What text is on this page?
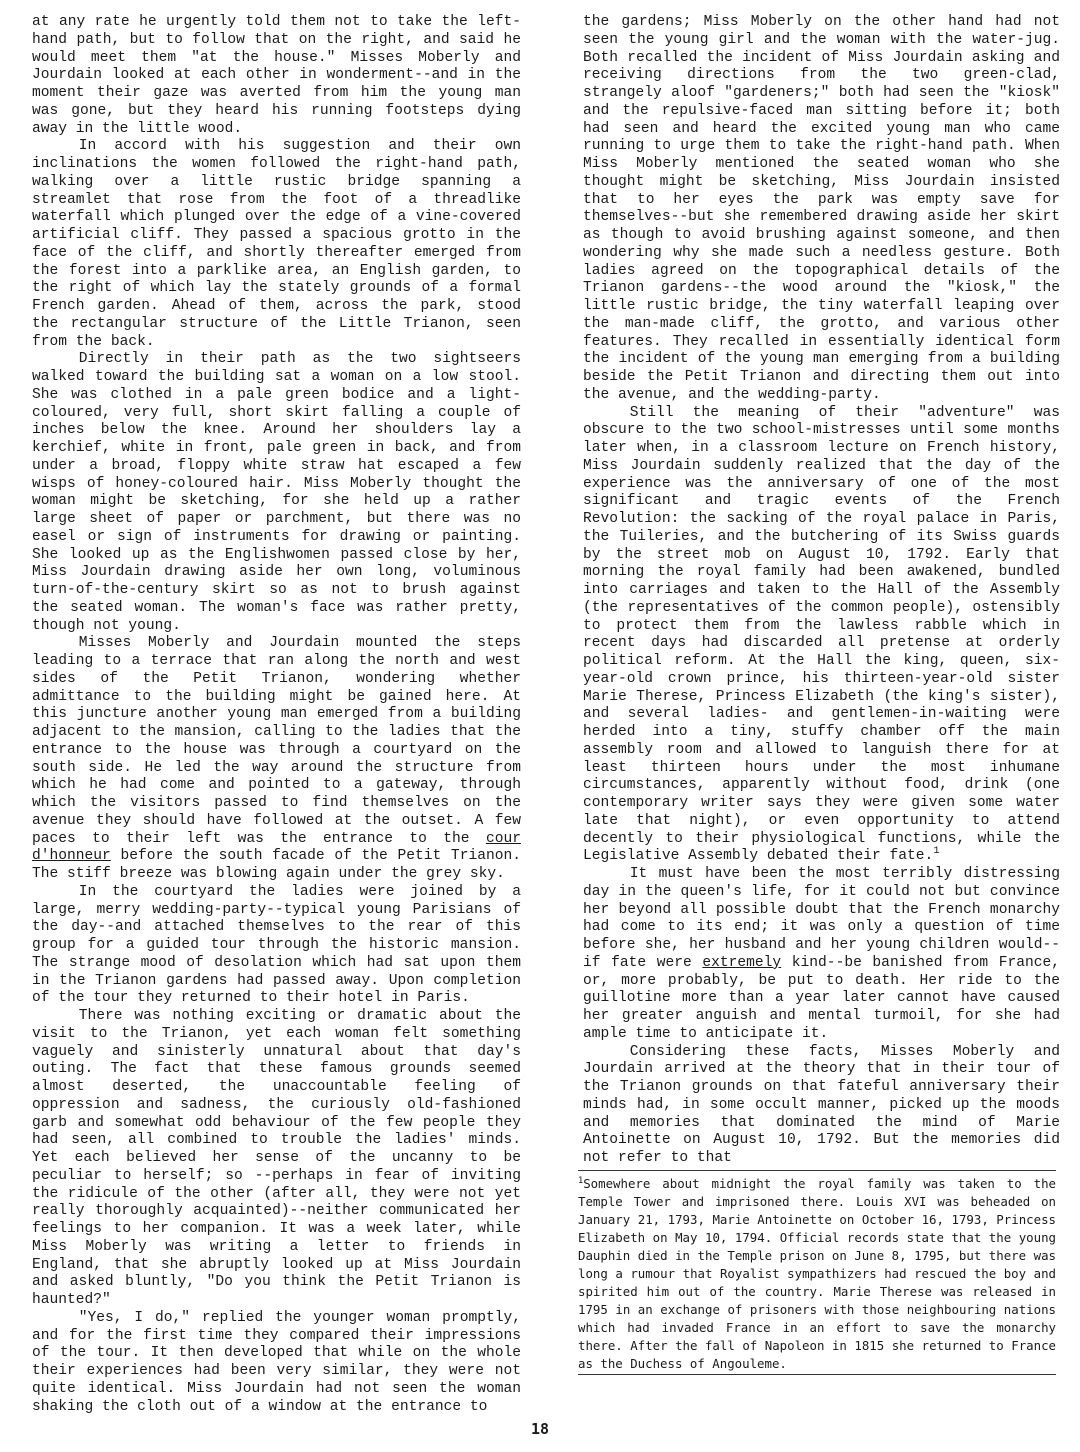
at any rate he urgently told them not to take the left-hand path, but to follow that on the right, and said he would meet them "at the house." Misses Moberly and Jourdain looked at each other in wonderment--and in the moment their gaze was averted from him the young man was gone, but they heard his running footsteps dying away in the little wood.

In accord with his suggestion and their own inclinations the women followed the right-hand path, walking over a little rustic bridge spanning a streamlet that rose from the foot of a threadlike waterfall which plunged over the edge of a vine-covered artificial cliff. They passed a spacious grotto in the face of the cliff, and shortly thereafter emerged from the forest into a parklike area, an English garden, to the right of which lay the stately grounds of a formal French garden. Ahead of them, across the park, stood the rectangular structure of the Little Trianon, seen from the back.

Directly in their path as the two sightseers walked toward the building sat a woman on a low stool. She was clothed in a pale green bodice and a light-coloured, very full, short skirt falling a couple of inches below the knee. Around her shoulders lay a kerchief, white in front, pale green in back, and from under a broad, floppy white straw hat escaped a few wisps of honey-coloured hair. Miss Moberly thought the woman might be sketching, for she held up a rather large sheet of paper or parchment, but there was no easel or sign of instruments for drawing or painting. She looked up as the Englishwomen passed close by her, Miss Jourdain drawing aside her own long, voluminous turn-of-the-century skirt so as not to brush against the seated woman. The woman's face was rather pretty, though not young.

Misses Moberly and Jourdain mounted the steps leading to a terrace that ran along the north and west sides of the Petit Trianon, wondering whether admittance to the building might be gained here. At this juncture another young man emerged from a building adjacent to the mansion, calling to the ladies that the entrance to the house was through a courtyard on the south side. He led the way around the structure from which he had come and pointed to a gateway, through which the visitors passed to find themselves on the avenue they should have followed at the outset. A few paces to their left was the entrance to the cour d'honneur before the south facade of the Petit Trianon. The stiff breeze was blowing again under the grey sky.

In the courtyard the ladies were joined by a large, merry wedding-party--typical young Parisians of the day--and attached themselves to the rear of this group for a guided tour through the historic mansion. The strange mood of desolation which had sat upon them in the Trianon gardens had passed away. Upon completion of the tour they returned to their hotel in Paris.

There was nothing exciting or dramatic about the visit to the Trianon, yet each woman felt something vaguely and sinisterly unnatural about that day's outing. The fact that these famous grounds seemed almost deserted, the unaccountable feeling of oppression and sadness, the curiously old-fashioned garb and somewhat odd behaviour of the few people they had seen, all combined to trouble the ladies' minds. Yet each believed her sense of the uncanny to be peculiar to herself; so --perhaps in fear of inviting the ridicule of the other (after all, they were not yet really thoroughly acquainted)--neither communicated her feelings to her companion. It was a week later, while Miss Moberly was writing a letter to friends in England, that she abruptly looked up at Miss Jourdain and asked bluntly, "Do you think the Petit Trianon is haunted?"

"Yes, I do," replied the younger woman promptly, and for the first time they compared their impressions of the tour. It then developed that while on the whole their experiences had been very similar, they were not quite identical. Miss Jourdain had not seen the woman shaking the cloth out of a window at the entrance to

the gardens; Miss Moberly on the other hand had not seen the young girl and the woman with the water-jug. Both recalled the incident of Miss Jourdain asking and receiving directions from the two green-clad, strangely aloof "gardeners;" both had seen the "kiosk" and the repulsive-faced man sitting before it; both had seen and heard the excited young man who came running to urge them to take the right-hand path. When Miss Moberly mentioned the seated woman who she thought might be sketching, Miss Jourdain insisted that to her eyes the park was empty save for themselves--but she remembered drawing aside her skirt as though to avoid brushing against someone, and then wondering why she made such a needless gesture. Both ladies agreed on the topographical details of the Trianon gardens--the wood around the "kiosk," the little rustic bridge, the tiny waterfall leaping over the man-made cliff, the grotto, and various other features. They recalled in essentially identical form the incident of the young man emerging from a building beside the Petit Trianon and directing them out into the avenue, and the wedding-party.

Still the meaning of their "adventure" was obscure to the two school-mistresses until some months later when, in a classroom lecture on French history, Miss Jourdain suddenly realized that the day of the experience was the anniversary of one of the most significant and tragic events of the French Revolution: the sacking of the royal palace in Paris, the Tuileries, and the butchering of its Swiss guards by the street mob on August 10, 1792. Early that morning the royal family had been awakened, bundled into carriages and taken to the Hall of the Assembly (the representatives of the common people), ostensibly to protect them from the lawless rabble which in recent days had discarded all pretense at orderly political reform. At the Hall the king, queen, six-year-old crown prince, his thirteen-year-old sister Marie Therese, Princess Elizabeth (the king's sister), and several ladies- and gentlemen-in-waiting were herded into a tiny, stuffy chamber off the main assembly room and allowed to languish there for at least thirteen hours under the most inhumane circumstances, apparently without food, drink (one contemporary writer says they were given some water late that night), or even opportunity to attend decently to their physiological functions, while the Legislative Assembly debated their fate.$^1$

It must have been the most terribly distressing day in the queen's life, for it could not but convince her beyond all possible doubt that the French monarchy had come to its end; it was only a question of time before she, her husband and her young children would--if fate were extremely kind--be banished from France, or, more probably, be put to death. Her ride to the guillotine more than a year later cannot have caused her greater anguish and mental turmoil, for she had ample time to anticipate it.

Considering these facts, Misses Moberly and Jourdain arrived at the theory that in their tour of the Trianon grounds on that fateful anniversary their minds had, in some occult manner, picked up the moods and memories that dominated the mind of Marie Antoinette on August 10, 1792. But the memories did not refer to that

$^1$Somewhere about midnight the royal family was taken to the Temple Tower and imprisoned there. Louis XVI was beheaded on January 21, 1793, Marie Antoinette on October 16, 1793, Princess Elizabeth on May 10, 1794. Official records state that the young Dauphin died in the Temple prison on June 8, 1795, but there was long a rumour that Royalist sympathizers had rescued the boy and spirited him out of the country. Marie Therese was released in 1795 in an exchange of prisoners with those neighbouring nations which had invaded France in an effort to save the monarchy there. After the fall of Napoleon in 1815 she returned to France as the Duchess of Angouleme.
18
